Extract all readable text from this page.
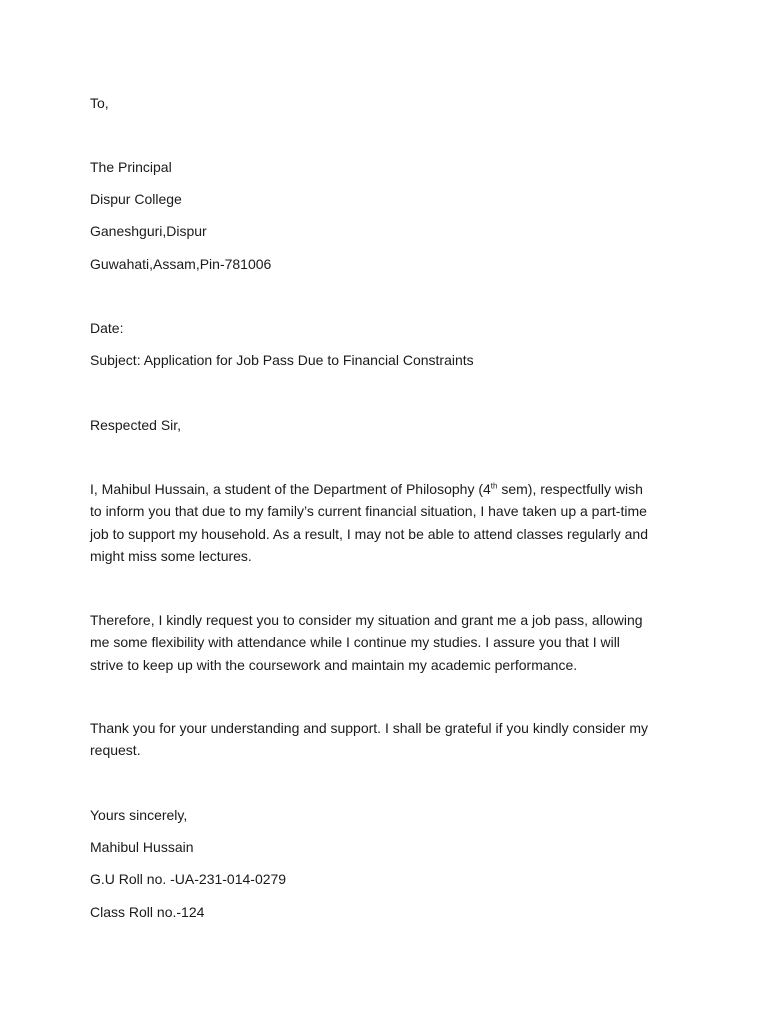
To,
The Principal
Dispur College
Ganeshguri,Dispur
Guwahati,Assam,Pin-781006
Date:
Subject: Application for Job Pass Due to Financial Constraints
Respected Sir,
I, Mahibul Hussain, a student of the Department of Philosophy (4th sem), respectfully wish
to inform you that due to my family’s current financial situation, I have taken up a part-time
job to support my household. As a result, I may not be able to attend classes regularly and
might miss some lectures.
Therefore, I kindly request you to consider my situation and grant me a job pass, allowing
me some flexibility with attendance while I continue my studies. I assure you that I will
strive to keep up with the coursework and maintain my academic performance.
Thank you for your understanding and support. I shall be grateful if you kindly consider my
request.
Yours sincerely,
Mahibul Hussain
G.U Roll no. -UA-231-014-0279
Class Roll no.-124
